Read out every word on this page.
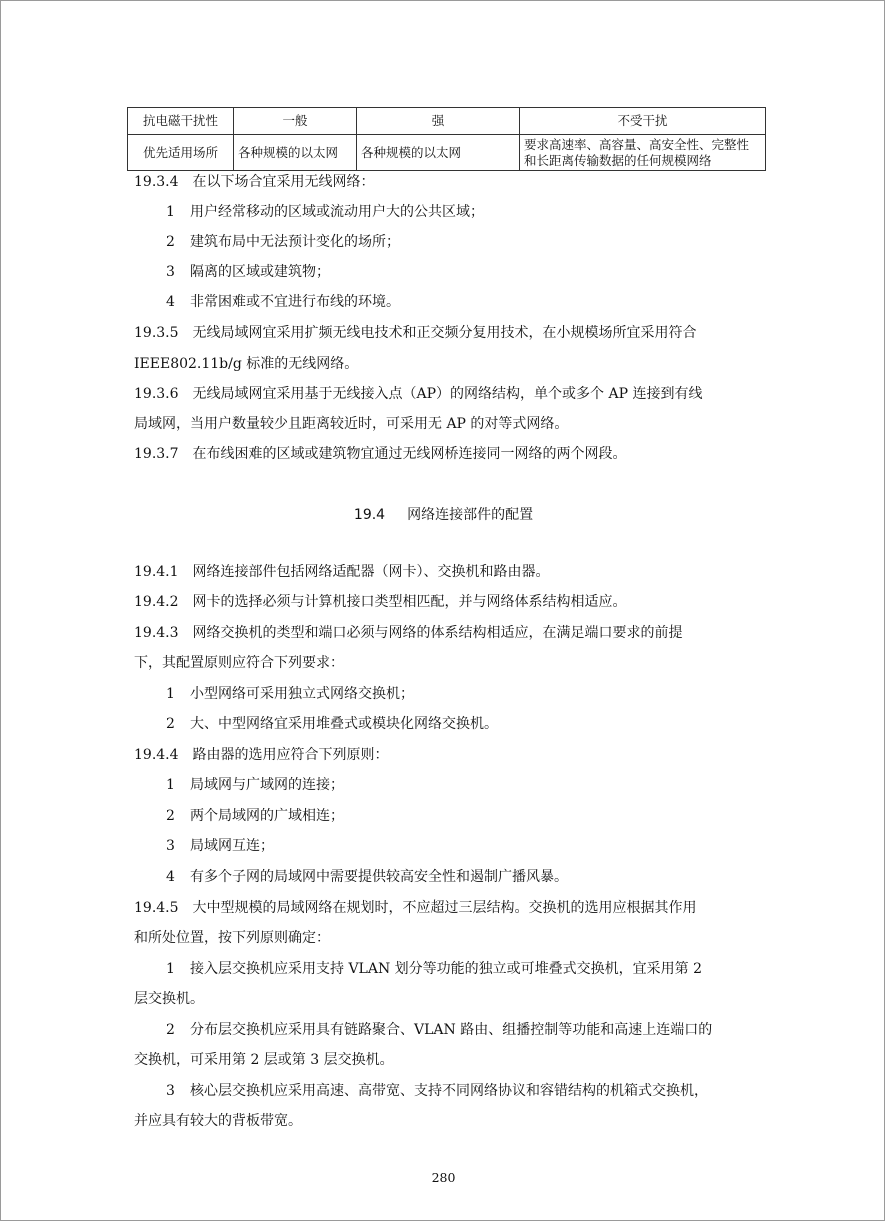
抗电磁干扰性	一般	强	不受干扰
优先适用场所	各种规模的以太网	各种规模的以太网	要求高速率、高容量、高安全性、完整性和长距离传输数据的任何规模网络
19.3.4 在以下场合宜采用无线网络：
1 用户经常移动的区域或流动用户大的公共区域；
2 建筑布局中无法预计变化的场所；
3 隔离的区域或建筑物；
4 非常困难或不宜进行布线的环境。
19.3.5 无线局域网宜采用扩频无线电技术和正交频分复用技术，在小规模场所宜采用符合
IEEE802.11b/g 标准的无线网络。
19.3.6 无线局域网宜采用基于无线接入点（AP）的网络结构，单个或多个 AP 连接到有线
局域网，当用户数量较少且距离较近时，可采用无 AP 的对等式网络。
19.3.7 在布线困难的区域或建筑物宜通过无线网桥连接同一网络的两个网段。
19.4 网络连接部件的配置
19.4.1 网络连接部件包括网络适配器（网卡）、交换机和路由器。
19.4.2 网卡的选择必须与计算机接口类型相匹配，并与网络体系结构相适应。
19.4.3 网络交换机的类型和端口必须与网络的体系结构相适应，在满足端口要求的前提
下，其配置原则应符合下列要求：
1 小型网络可采用独立式网络交换机；
2 大、中型网络宜采用堆叠式或模块化网络交换机。
19.4.4 路由器的选用应符合下列原则：
1 局域网与广域网的连接；
2 两个局域网的广域相连；
3 局域网互连；
4 有多个子网的局域网中需要提供较高安全性和遏制广播风暴。
19.4.5 大中型规模的局域网络在规划时，不应超过三层结构。交换机的选用应根据其作用
和所处位置，按下列原则确定：
1 接入层交换机应采用支持 VLAN 划分等功能的独立或可堆叠式交换机，宜采用第 2
层交换机。
2 分布层交换机应采用具有链路聚合、VLAN 路由、组播控制等功能和高速上连端口的
交换机，可采用第 2 层或第 3 层交换机。
3 核心层交换机应采用高速、高带宽、支持不同网络协议和容错结构的机箱式交换机，
并应具有较大的背板带宽。
280
